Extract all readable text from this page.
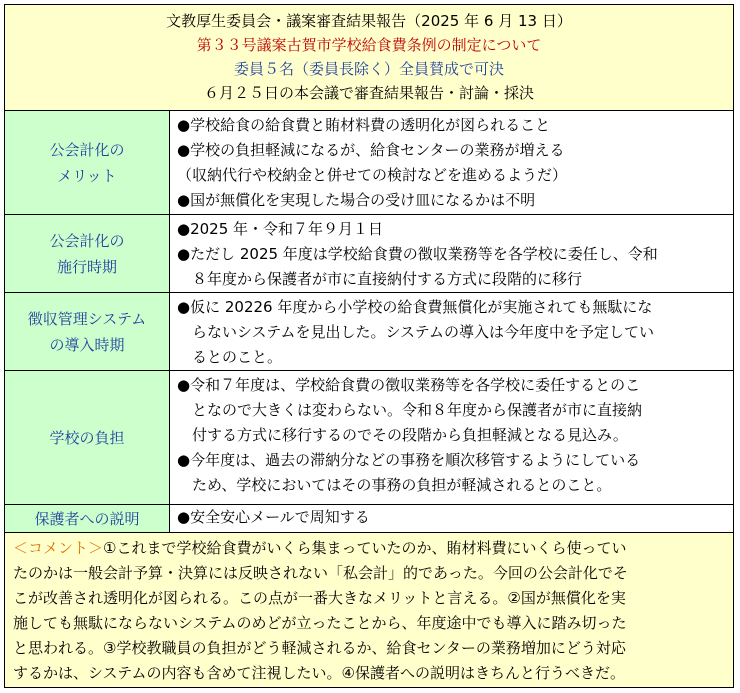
文教厚生委員会・議案審査結果報告（2025 年 6 月 13 日）
第３３号議案古賀市学校給食費条例の制定について
委員５名（委員長除く）全員賛成で可決
６月２５日の本会議で審査結果報告・討論・採決
公会計化の
メリット
●学校給食の給食費と賄材料費の透明化が図られること
●学校の負担軽減になるが、給食センターの業務が増える
（収納代行や校納金と併せての検討などを進めるようだ）
●国が無償化を実現した場合の受け皿になるかは不明
公会計化の
施行時期
●2025 年・令和７年９月１日
●ただし 2025 年度は学校給食費の徴収業務等を各学校に委任し、令和
８年度から保護者が市に直接納付する方式に段階的に移行
徴収管理システム
の導入時期
●仮に 20226 年度から小学校の給食費無償化が実施されても無駄にな
らないシステムを見出した。システムの導入は今年度中を予定してい
るとのこと。
学校の負担
●令和７年度は、学校給食費の徴収業務等を各学校に委任するとのこ
となので大きくは変わらない。令和８年度から保護者が市に直接納
付する方式に移行するのでその段階から負担軽減となる見込み。
●今年度は、過去の滞納分などの事務を順次移管するようにしている
ため、学校においてはその事務の負担が軽減されるとのこと。
保護者への説明	●安全安心メールで周知する
＜コメント＞①これまで学校給食費がいくら集まっていたのか、賄材料費にいくら使ってい
たのかは一般会計予算・決算には反映されない「私会計」的であった。今回の公会計化でそ
こが改善され透明化が図られる。この点が一番大きなメリットと言える。②国が無償化を実
施しても無駄にならないシステムのめどが立ったことから、年度途中でも導入に踏み切った
と思われる。③学校教職員の負担がどう軽減されるか、給食センターの業務増加にどう対応
するかは、システムの内容も含めて注視したい。④保護者への説明はきちんと行うべきだ。
